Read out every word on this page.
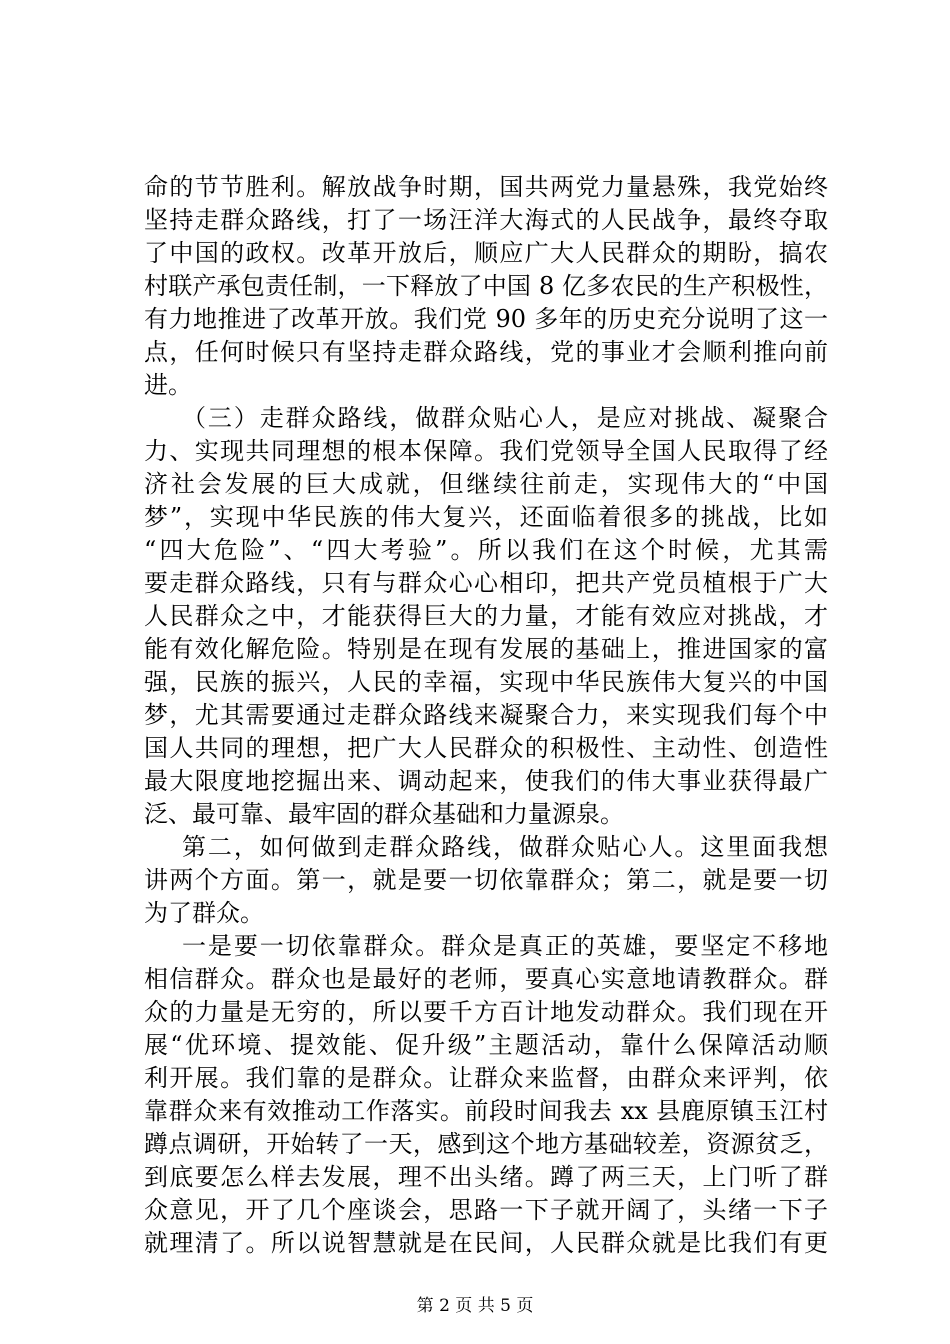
命的节节胜利。解放战争时期，国共两党力量悬殊，我党始终
坚持走群众路线，打了一场汪洋大海式的人民战争，最终夺取
了中国的政权。改革开放后，顺应广大人民群众的期盼，搞农
村联产承包责任制，一下释放了中国 8 亿多农民的生产积极性，
有力地推进了改革开放。我们党 90 多年的历史充分说明了这一
点，任何时候只有坚持走群众路线，党的事业才会顺利推向前
进。
（三）走群众路线，做群众贴心人，是应对挑战、凝聚合
力、实现共同理想的根本保障。我们党领导全国人民取得了经
济社会发展的巨大成就，但继续往前走，实现伟大的“中国
梦”，实现中华民族的伟大复兴，还面临着很多的挑战，比如
“四大危险”、“四大考验”。所以我们在这个时候，尤其需
要走群众路线，只有与群众心心相印，把共产党员植根于广大
人民群众之中，才能获得巨大的力量，才能有效应对挑战，才
能有效化解危险。特别是在现有发展的基础上，推进国家的富
强，民族的振兴，人民的幸福，实现中华民族伟大复兴的中国
梦，尤其需要通过走群众路线来凝聚合力，来实现我们每个中
国人共同的理想，把广大人民群众的积极性、主动性、创造性
最大限度地挖掘出来、调动起来，使我们的伟大事业获得最广
泛、最可靠、最牢固的群众基础和力量源泉。
第二，如何做到走群众路线，做群众贴心人。这里面我想
讲两个方面。第一，就是要一切依靠群众；第二，就是要一切
为了群众。
一是要一切依靠群众。群众是真正的英雄，要坚定不移地
相信群众。群众也是最好的老师，要真心实意地请教群众。群
众的力量是无穷的，所以要千方百计地发动群众。我们现在开
展“优环境、提效能、促升级”主题活动，靠什么保障活动顺
利开展。我们靠的是群众。让群众来监督，由群众来评判，依
靠群众来有效推动工作落实。前段时间我去 xx 县鹿原镇玉江村
蹲点调研，开始转了一天，感到这个地方基础较差，资源贫乏，
到底要怎么样去发展，理不出头绪。蹲了两三天，上门听了群
众意见，开了几个座谈会，思路一下子就开阔了，头绪一下子
就理清了。所以说智慧就是在民间，人民群众就是比我们有更
第 2 页 共 5 页
